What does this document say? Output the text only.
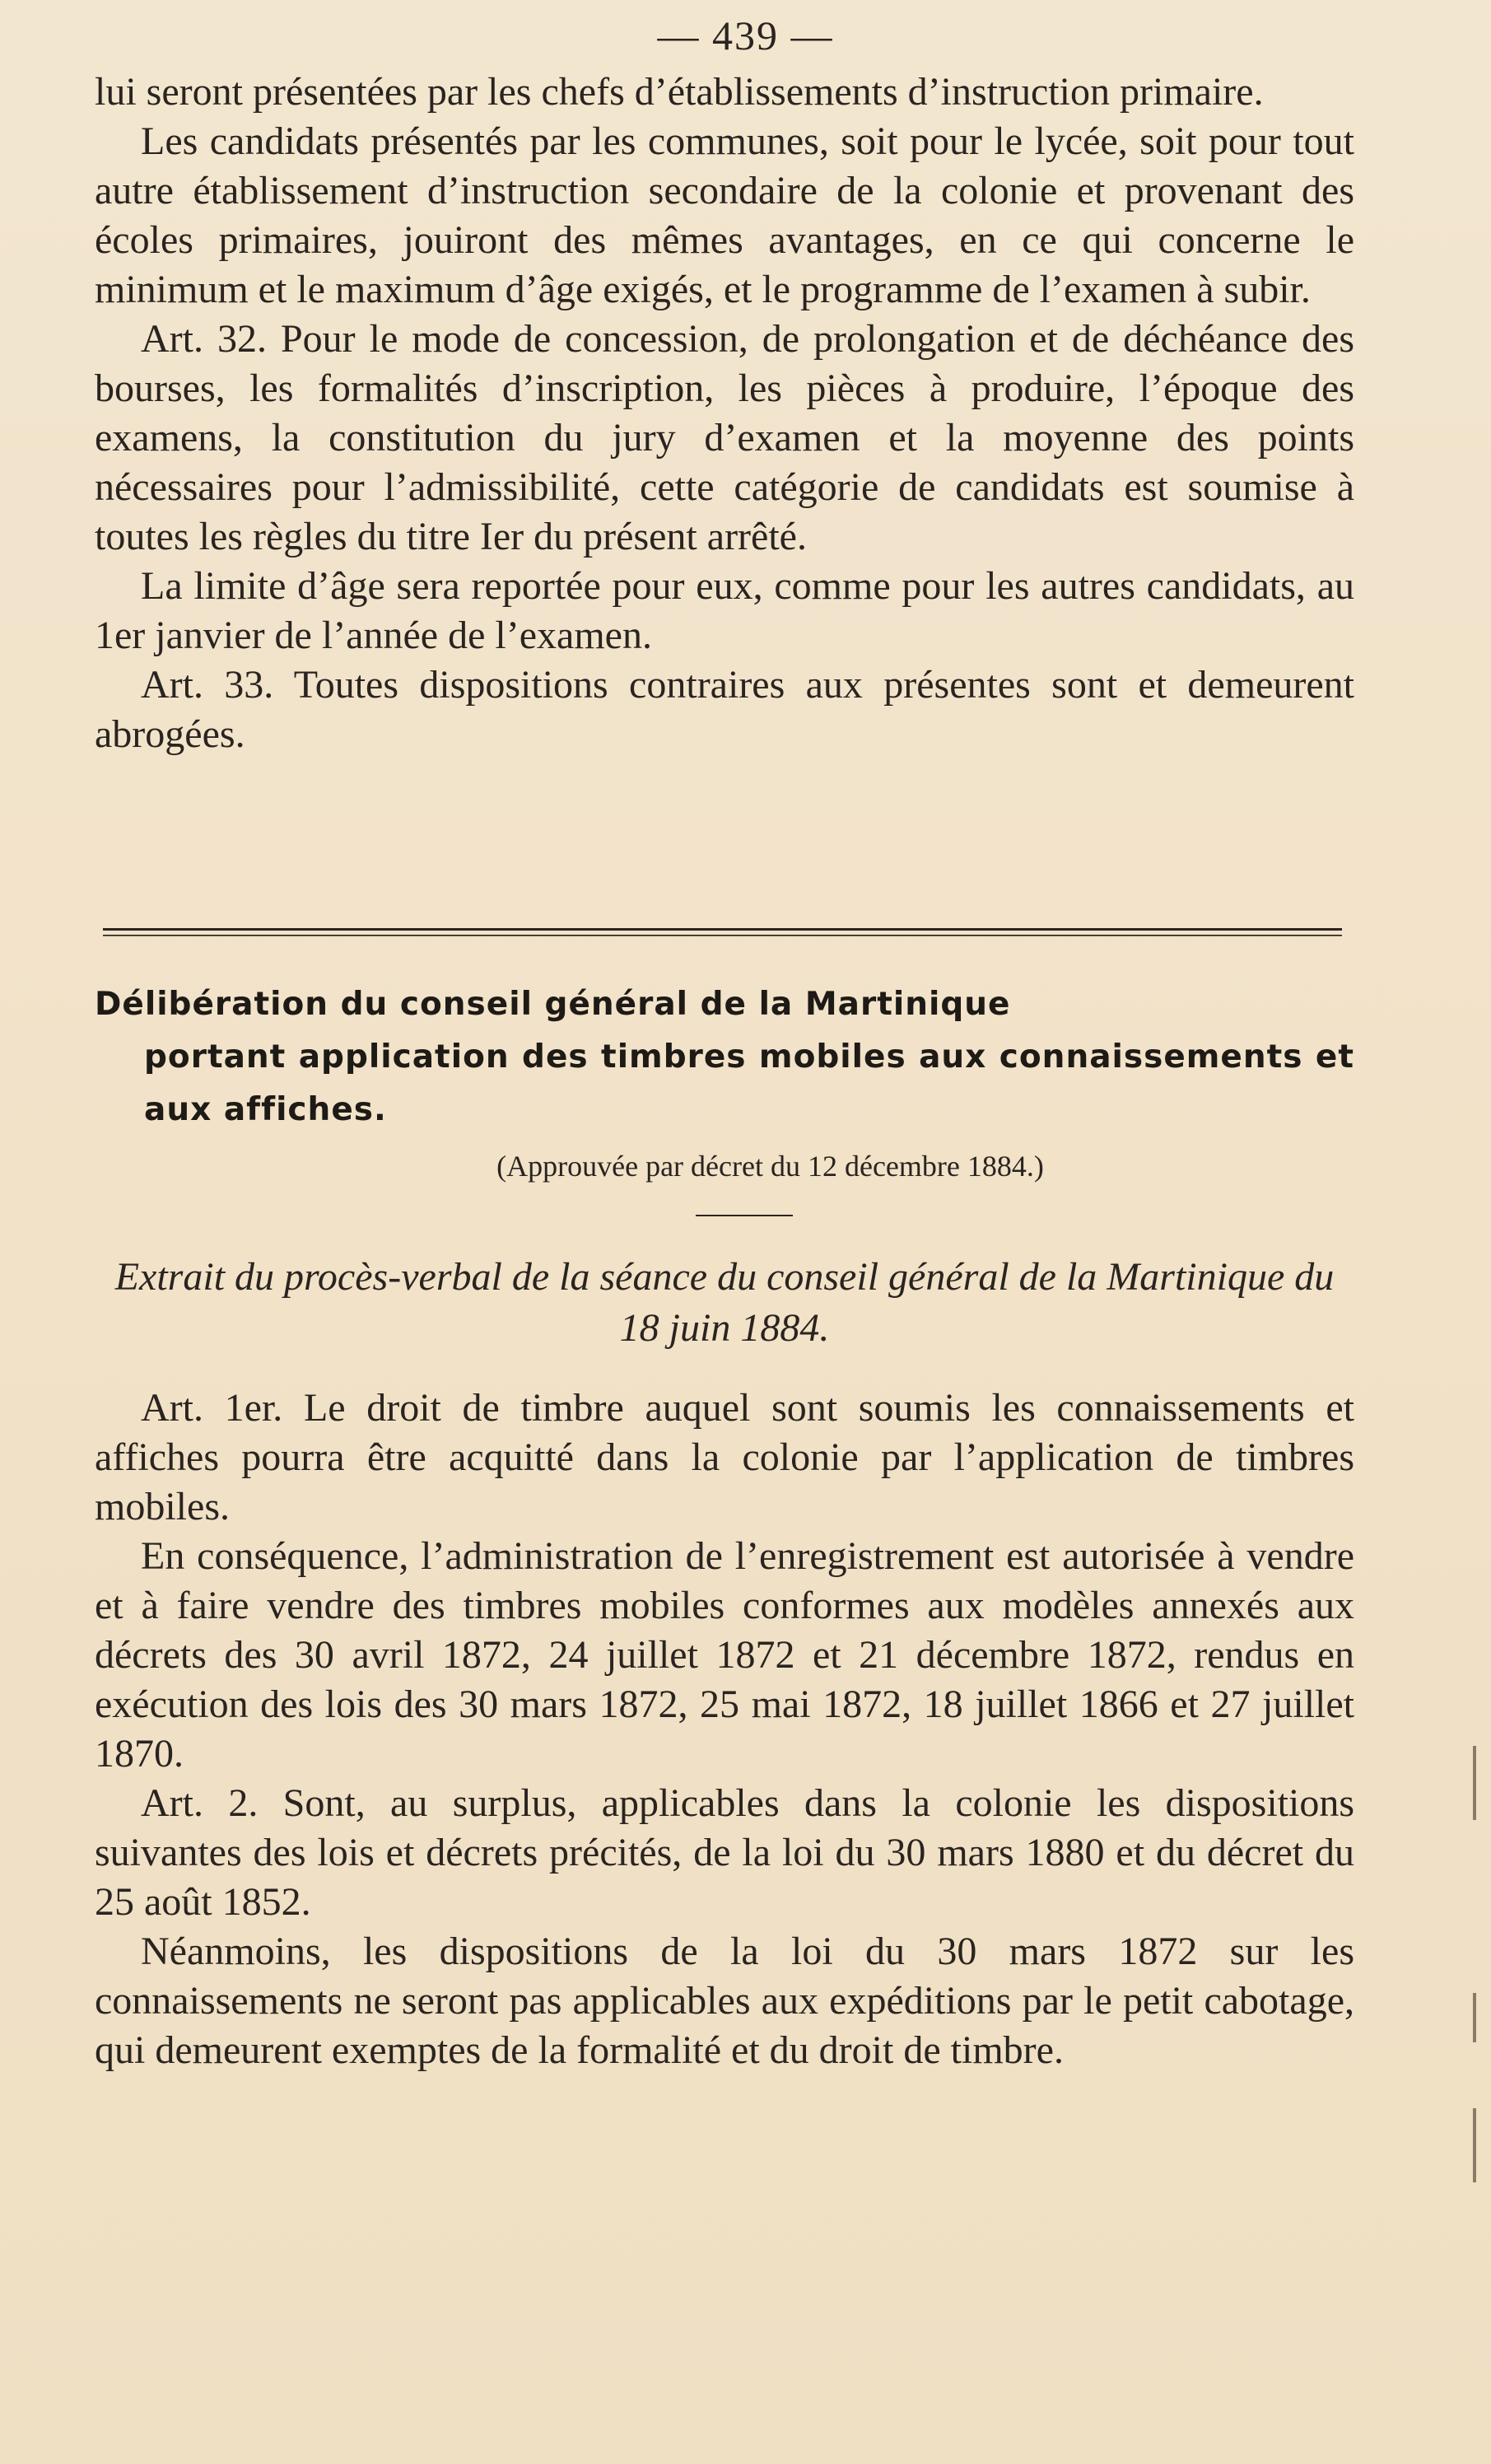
— 439 —

lui seront présentées par les chefs d’établissements d’instruction primaire.

Les candidats présentés par les communes, soit pour le lycée, soit pour tout autre établissement d’instruction secondaire de la colonie et provenant des écoles primaires, jouiront des mêmes avantages, en ce qui concerne le minimum et le maximum d’âge exigés, et le programme de l’examen à subir.

Art. 32. Pour le mode de concession, de prolongation et de déchéance des bourses, les formalités d’inscription, les pièces à produire, l’époque des examens, la constitution du jury d’examen et la moyenne des points nécessaires pour l’admissibilité, cette catégorie de candidats est soumise à toutes les règles du titre Ier du présent arrêté.

La limite d’âge sera reportée pour eux, comme pour les autres candidats, au 1er janvier de l’année de l’examen.

Art. 33. Toutes dispositions contraires aux présentes sont et demeurent abrogées.

Délibération du conseil général de la Martinique
portant application des timbres mobiles aux connaissements et aux affiches.
(Approuvée par décret du 12 décembre 1884.)
Extrait du procès-verbal de la séance du conseil général de la Martinique du 18 juin 1884.

Art. 1er. Le droit de timbre auquel sont soumis les connaissements et affiches pourra être acquitté dans la colonie par l’application de timbres mobiles.

En conséquence, l’administration de l’enregistrement est autorisée à vendre et à faire vendre des timbres mobiles conformes aux modèles annexés aux décrets des 30 avril 1872, 24 juillet 1872 et 21 décembre 1872, rendus en exécution des lois des 30 mars 1872, 25 mai 1872, 18 juillet 1866 et 27 juillet 1870.

Art. 2. Sont, au surplus, applicables dans la colonie les dispositions suivantes des lois et décrets précités, de la loi du 30 mars 1880 et du décret du 25 août 1852.

Néanmoins, les dispositions de la loi du 30 mars 1872 sur les connaissements ne seront pas applicables aux expéditions par le petit cabotage, qui demeurent exemptes de la formalité et du droit de timbre.
